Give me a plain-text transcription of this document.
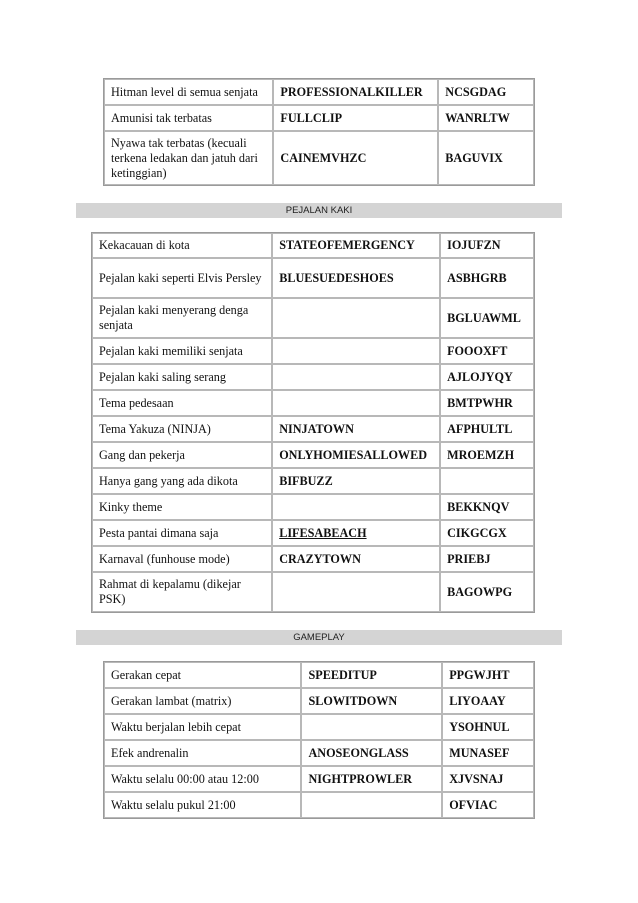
Hitman level di semua senjata	PROFESSIONALKILLER	NCSGDAG
Amunisi tak terbatas	FULLCLIP	WANRLTW
Nyawa tak terbatas (kecuali terkena ledakan dan jatuh dari ketinggian)	CAINEMVHZC	BAGUVIX
PEJALAN KAKI
Kekacauan di kota	STATEOFEMERGENCY	IOJUFZN
Pejalan kaki seperti Elvis Persley	BLUESUEDESHOES	ASBHGRB
Pejalan kaki menyerang denga senjata		BGLUAWML
Pejalan kaki memiliki senjata		FOOOXFT
Pejalan kaki saling serang		AJLOJYQY
Tema pedesaan		BMTPWHR
Tema Yakuza (NINJA)	NINJATOWN	AFPHULTL
Gang dan pekerja	ONLYHOMIESALLOWED	MROEMZH
Hanya gang yang ada dikota	BIFBUZZ	
Kinky theme		BEKKNQV
Pesta pantai dimana saja	LIFESABEACH	CIKGCGX
Karnaval (funhouse mode)	CRAZYTOWN	PRIEBJ
Rahmat di kepalamu (dikejar PSK)		BAGOWPG
GAMEPLAY
Gerakan cepat	SPEEDITUP	PPGWJHT
Gerakan lambat (matrix)	SLOWITDOWN	LIYOAAY
Waktu berjalan lebih cepat		YSOHNUL
Efek andrenalin	ANOSEONGLASS	MUNASEF
Waktu selalu 00:00 atau 12:00	NIGHTPROWLER	XJVSNAJ
Waktu selalu pukul 21:00		OFVIAC
